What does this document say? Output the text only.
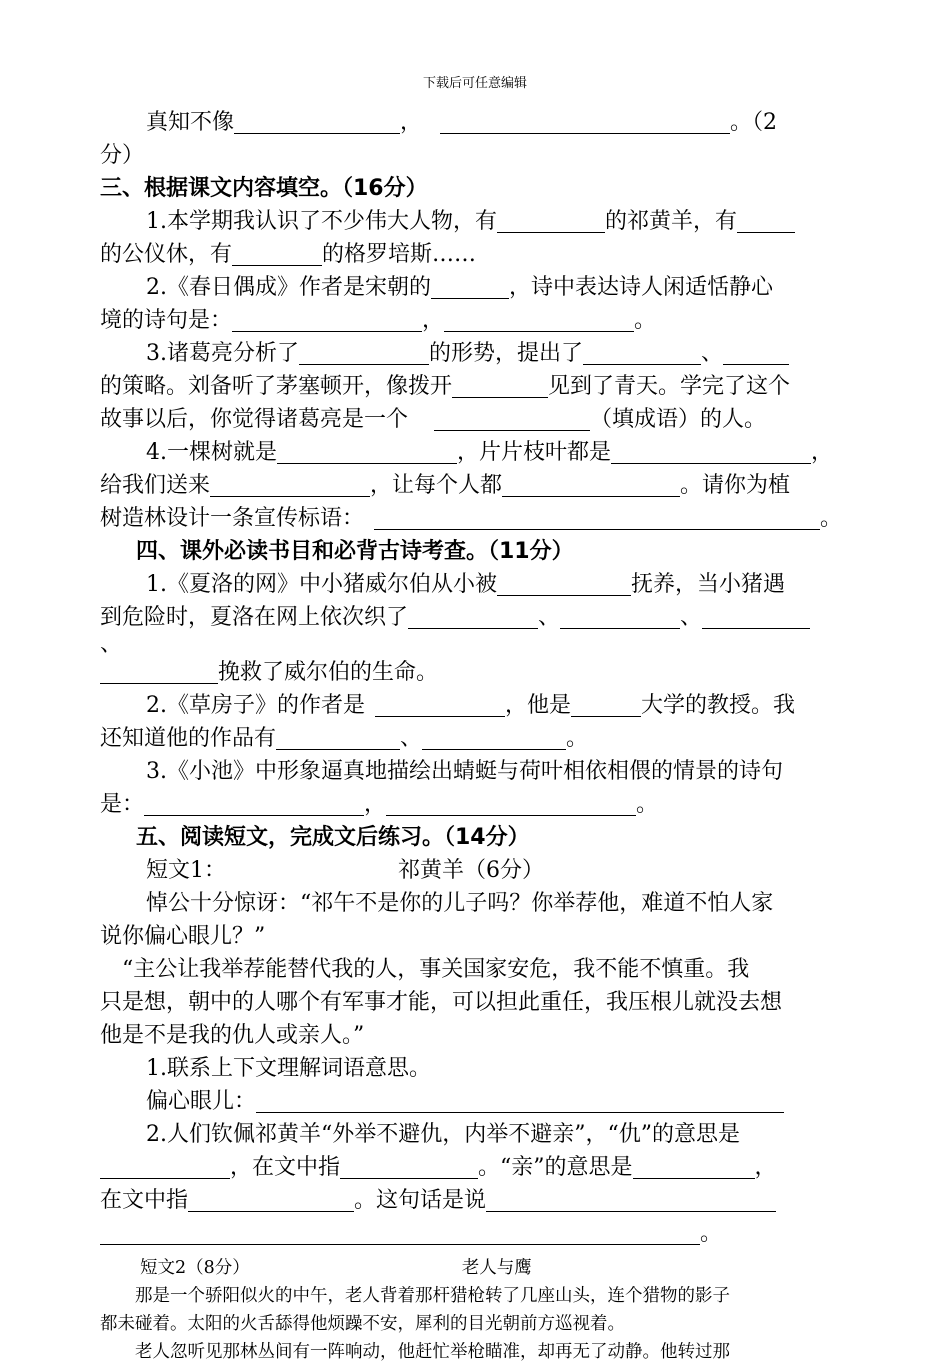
下载后可任意编辑
真知不像	，	。（2
分）
三、根据课文内容填空。（16分）
1.本学期我认识了不少伟大人物，有	的祁黄羊，有
的公仪休，有	的格罗培斯……
2.《春日偶成》作者是宋朝的	，诗中表达诗人闲适恬静心
境的诗句是：	，	。
3.诸葛亮分析了	的形势，提出了	、
的策略。刘备听了茅塞顿开，像拨开	见到了青天。学完了这个
故事以后，你觉得诸葛亮是一个	（填成语）的人。
4.一棵树就是	，片片枝叶都是	，
给我们送来	，让每个人都	。请你为植
树造林设计一条宣传标语：	。
四、课外必读书目和必背古诗考查。（11分）
1.《夏洛的网》中小猪威尔伯从小被	抚养，当小猪遇
到危险时，夏洛在网上依次织了	、	、
、
挽救了威尔伯的生命。
2.《草房子》的作者是	，他是	大学的教授。我
还知道他的作品有	、	。
3.《小池》中形象逼真地描绘出蜻蜓与荷叶相依相偎的情景的诗句
是：	，	。
五、阅读短文，完成文后练习。（14分）
短文1：	祁黄羊（6分）
悼公十分惊讶：“祁午不是你的儿子吗？你举荐他，难道不怕人家
说你偏心眼儿？”
“主公让我举荐能替代我的人，事关国家安危，我不能不慎重。我
只是想，朝中的人哪个有军事才能，可以担此重任，我压根儿就没去想
他是不是我的仇人或亲人。”
1.联系上下文理解词语意思。
偏心眼儿：
2.人们钦佩祁黄羊“外举不避仇，内举不避亲”，“仇”的意思是
，在文中指	。“亲”的意思是	，
在文中指	。这句话是说
。
短文2（8分）	老人与鹰
那是一个骄阳似火的中午，老人背着那杆猎枪转了几座山头，连个猎物的影子
都未碰着。太阳的火舌舔得他烦躁不安，犀利的目光朝前方巡视着。
老人忽听见那林丛间有一阵响动，他赶忙举枪瞄准，却再无了动静。他转过那
